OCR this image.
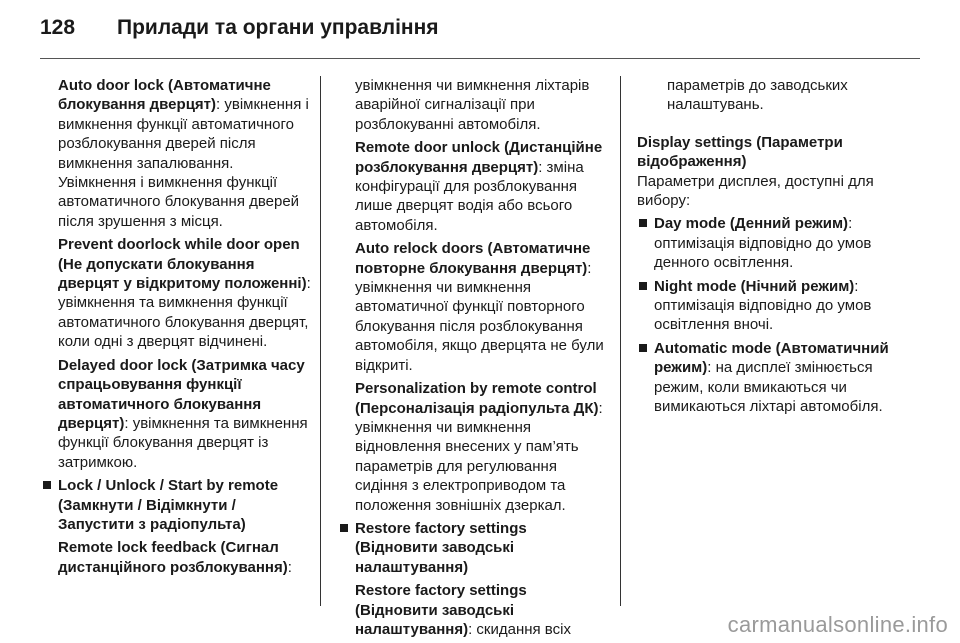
128 Прилади та органи управління

Auto door lock (Автоматичне блокування дверцят): увімкнення і вимкнення функції автоматичного розблокування дверей після вимкнення запалювання. Увімкнення і вимкнення функції автоматичного блокування дверей після зрушення з місця.

Prevent doorlock while door open (Не допускати блокування дверцят у відкритому положенні): увімкнення та вимкнення функції автоматичного блокування дверцят, коли одні з дверцят відчинені.

Delayed door lock (Затримка часу спрацьовування функції автоматичного блокування дверцят): увімкнення та вимкнення функції блокування дверцят із затримкою.

Lock / Unlock / Start by remote (Замкнути / Відімкнути / Запустити з радіопульта)

Remote lock feedback (Сигнал дистанційного розблокування):

увімкнення чи вимкнення ліхтарів аварійної сигналізації при розблокуванні автомобіля.

Remote door unlock (Дистанційне розблокування дверцят): зміна конфігурації для розблокування лише дверцят водія або всього автомобіля.

Auto relock doors (Автоматичне повторне блокування дверцят): увімкнення чи вимкнення автоматичної функції повторного блокування після розблокування автомобіля, якщо дверцята не були відкриті.

Personalization by remote control (Персоналізація радіопульта ДК): увімкнення чи вимкнення відновлення внесених у пам’ять параметрів для регулювання сидіння з електроприводом та положення зовнішніх дзеркал.

Restore factory settings (Відновити заводські налаштування)

Restore factory settings (Відновити заводські налаштування): скидання всіх

параметрів до заводських налаштувань.

Display settings (Параметри відображення)

Параметри дисплея, доступні для вибору:

Day mode (Денний режим): оптимізація відповідно до умов денного освітлення.

Night mode (Нічний режим): оптимізація відповідно до умов освітлення вночі.

Automatic mode (Автоматичний режим): на дисплеї змінюється режим, коли вмикаються чи вимикаються ліхтарі автомобіля.

carmanualsonline.info
